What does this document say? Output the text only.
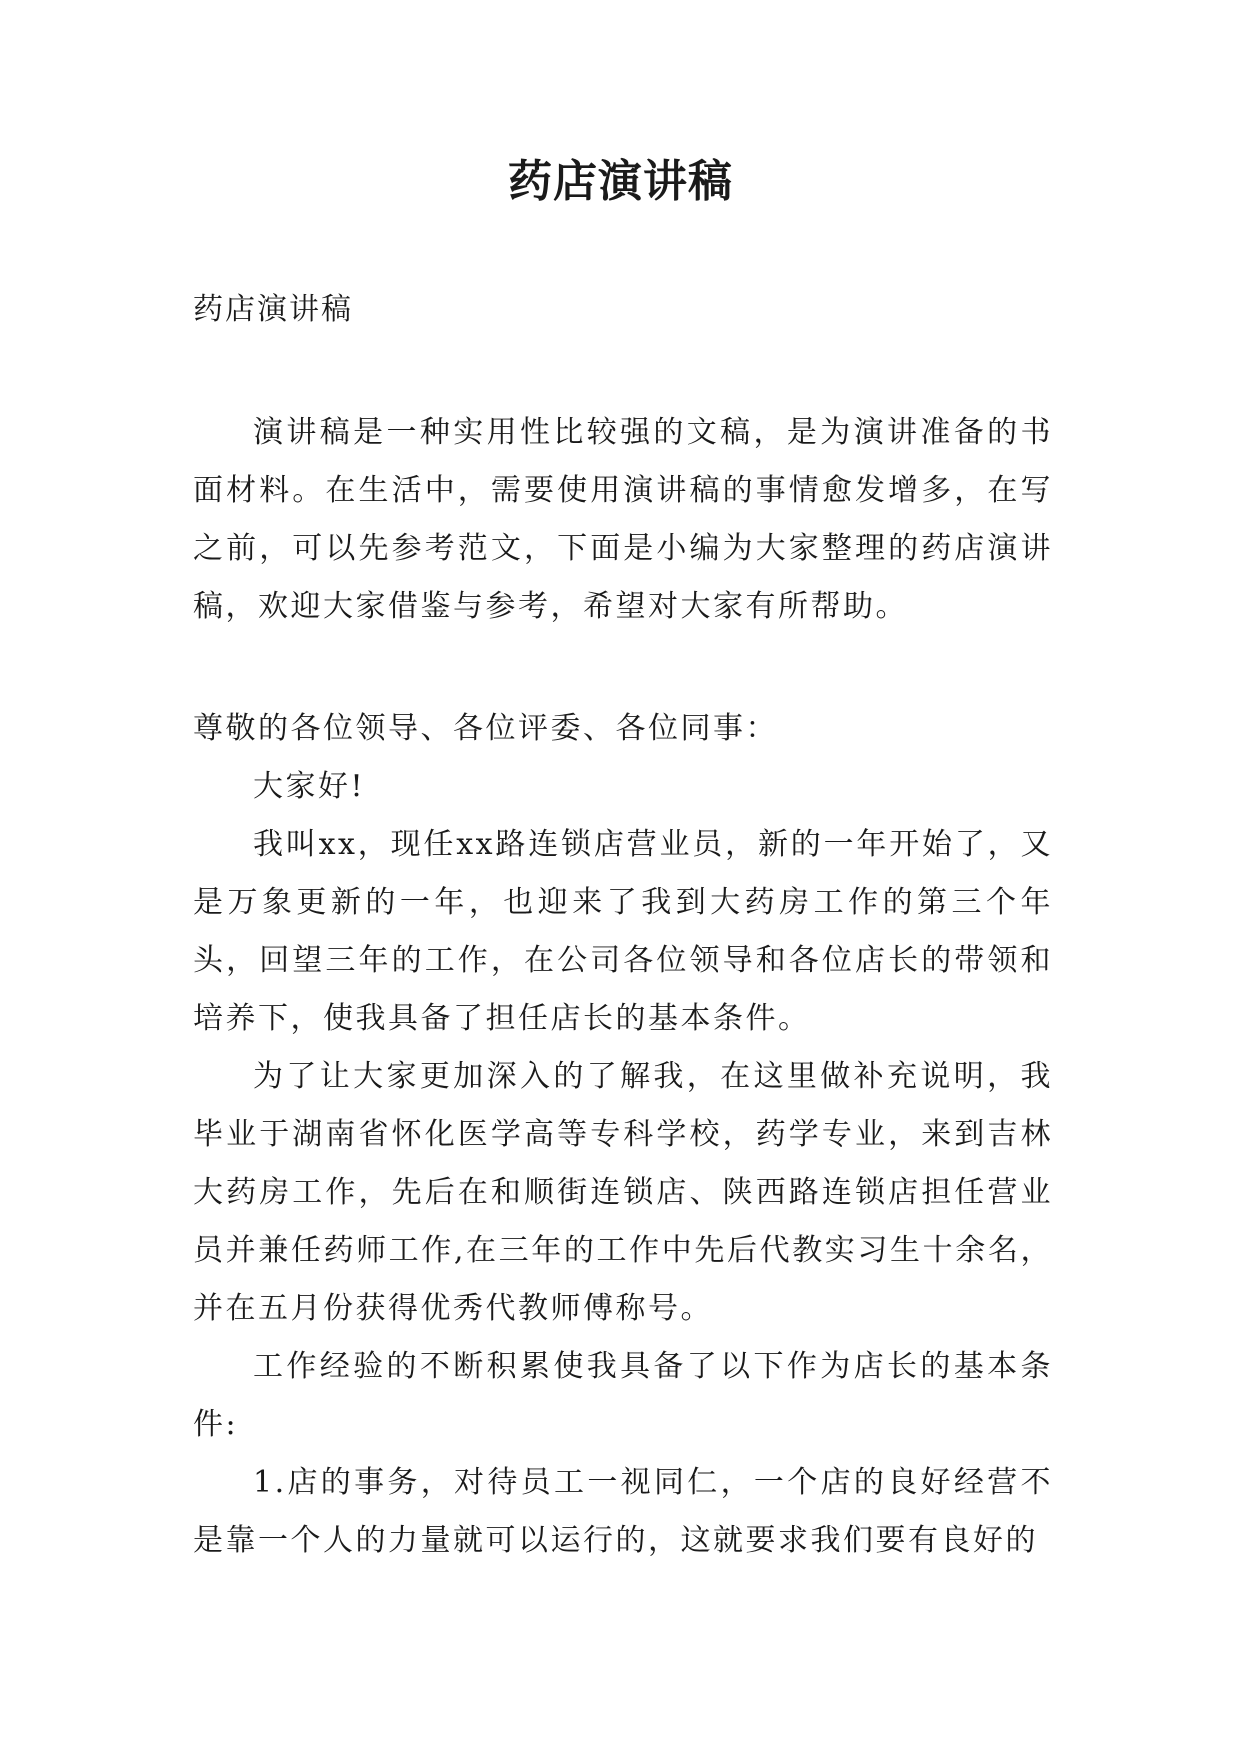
药店演讲稿
药店演讲稿

演讲稿是一种实用性比较强的文稿，是为演讲准备的书面材料。在生活中，需要使用演讲稿的事情愈发增多，在写之前，可以先参考范文，下面是小编为大家整理的药店演讲稿，欢迎大家借鉴与参考，希望对大家有所帮助。

尊敬的各位领导、各位评委、各位同事：

大家好!

我叫xx，现任xx路连锁店营业员，新的一年开始了，又是万象更新的一年，也迎来了我到大药房工作的第三个年头，回望三年的工作，在公司各位领导和各位店长的带领和培养下，使我具备了担任店长的基本条件。

为了让大家更加深入的了解我，在这里做补充说明，我毕业于湖南省怀化医学高等专科学校，药学专业，来到吉林大药房工作，先后在和顺街连锁店、陕西路连锁店担任营业员并兼任药师工作,在三年的工作中先后代教实习生十余名，并在五月份获得优秀代教师傅称号。

工作经验的不断积累使我具备了以下作为店长的基本条件:

1.店的事务，对待员工一视同仁，一个店的良好经营不是靠一个人的力量就可以运行的，这就要求我们要有良好的
